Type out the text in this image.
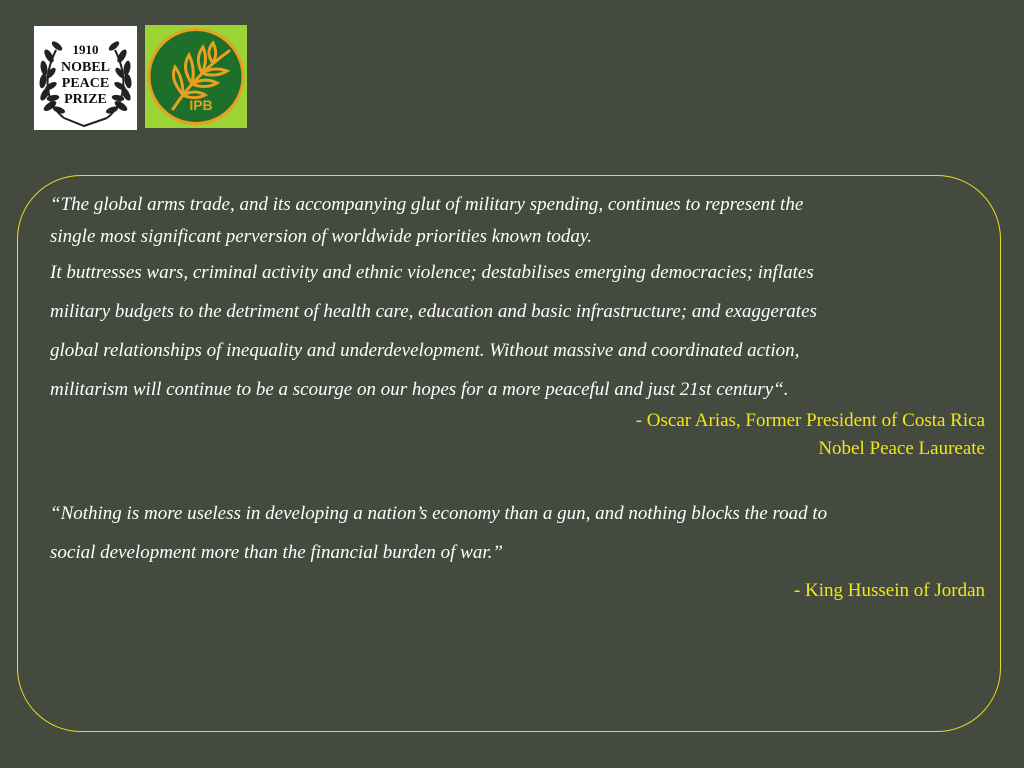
1910
NOBEL
PEACE
PRIZE	IPB

“The global arms trade, and its accompanying glut of military spending, continues to represent the

single most significant perversion of worldwide priorities known today.

It buttresses wars, criminal activity and ethnic violence; destabilises emerging democracies; inflates

military budgets to the detriment of health care, education and basic infrastructure; and exaggerates

global relationships of inequality and underdevelopment. Without massive and coordinated action,

militarism will continue to be a scourge on our hopes for a more peaceful and just 21st century“.

- Oscar Arias, Former President of Costa Rica

Nobel Peace Laureate

“Nothing is more useless in developing a nation’s economy than a gun, and nothing blocks the road to

social development more than the financial burden of war.”

- King Hussein of Jordan
